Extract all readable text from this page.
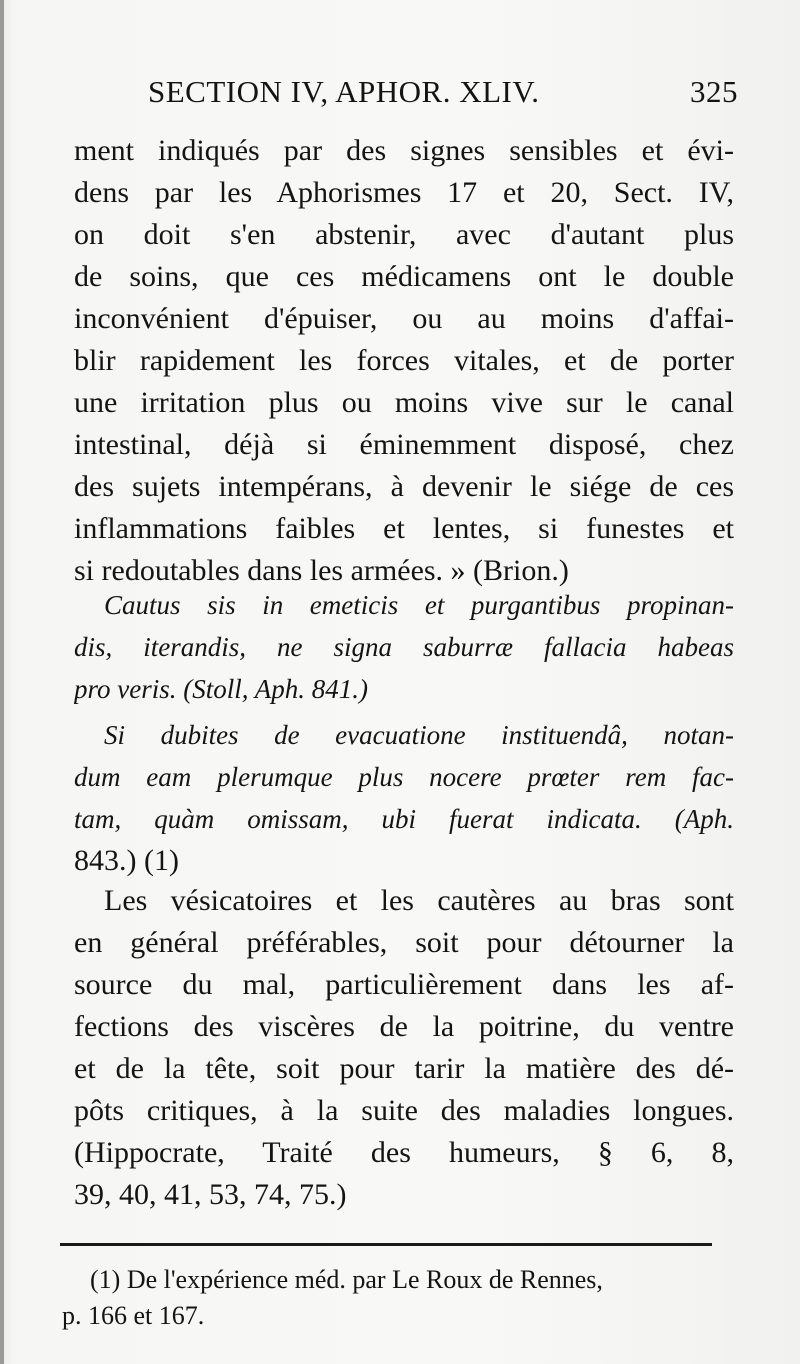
SECTION IV, APHOR. XLIV.	325
ment indiqués par des signes sensibles et évi-
dens par les Aphorismes 17 et 20, Sect. IV,
on doit s'en abstenir, avec d'autant plus
de soins, que ces médicamens ont le double
inconvénient d'épuiser, ou au moins d'affai-
blir rapidement les forces vitales, et de porter
une irritation plus ou moins vive sur le canal
intestinal, déjà si éminemment disposé, chez
des sujets intempérans, à devenir le siége de ces
inflammations faibles et lentes, si funestes et
si redoutables dans les armées. » (Brion.)
Cautus sis in emeticis et purgantibus propinan-
dis, iterandis, ne signa saburræ fallacia habeas
pro veris. (Stoll, Aph. 841.)
Si dubites de evacuatione instituendâ, notan-
dum eam plerumque plus nocere prœter rem fac-
tam, quàm omissam, ubi fuerat indicata. (Aph.
843.) (1)
Les vésicatoires et les cautères au bras sont
en général préférables, soit pour détourner la
source du mal, particulièrement dans les af-
fections des viscères de la poitrine, du ventre
et de la tête, soit pour tarir la matière des dé-
pôts critiques, à la suite des maladies longues.
(Hippocrate, Traité des humeurs, § 6, 8,
39, 40, 41, 53, 74, 75.)
(1) De l'expérience méd. par Le Roux de Rennes,
p. 166 et 167.
